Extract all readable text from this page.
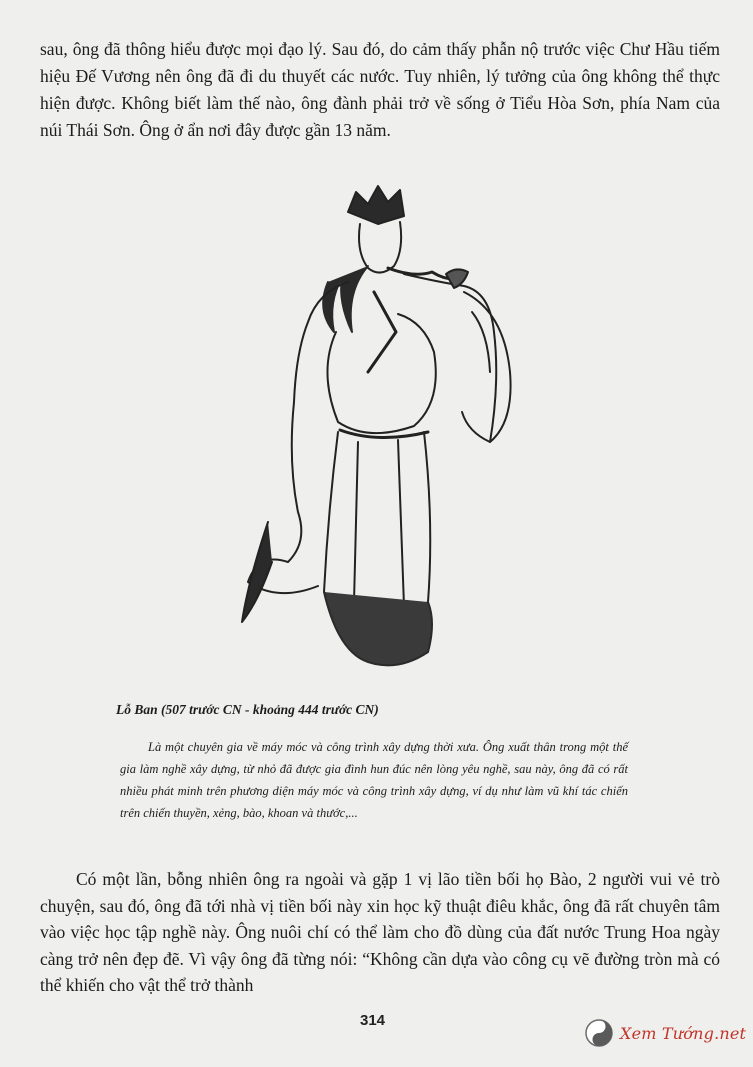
sau, ông đã thông hiểu được mọi đạo lý. Sau đó, do cảm thấy phẫn nộ trước việc Chư Hầu tiếm hiệu Đế Vương nên ông đã đi du thuyết các nước. Tuy nhiên, lý tưởng của ông không thể thực hiện được. Không biết làm thế nào, ông đành phải trở về sống ở Tiểu Hòa Sơn, phía Nam của núi Thái Sơn. Ông ở ẩn nơi đây được gần 13 năm.

Lỗ Ban (507 trước CN - khoảng 444 trước CN)

Là một chuyên gia về máy móc và công trình xây dựng thời xưa. Ông xuất thân trong một thế gia làm nghề xây dựng, từ nhỏ đã được gia đình hun đúc nên lòng yêu nghề, sau này, ông đã có rất nhiều phát minh trên phương diện máy móc và công trình xây dựng, ví dụ như làm vũ khí tác chiến trên chiến thuyền, xẻng, bào, khoan và thước,...

Có một lần, bỗng nhiên ông ra ngoài và gặp 1 vị lão tiền bối họ Bào, 2 người vui vẻ trò chuyện, sau đó, ông đã tới nhà vị tiền bối này xin học kỹ thuật điêu khắc, ông đã rất chuyên tâm vào việc học tập nghề này. Ông nuôi chí có thể làm cho đồ dùng của đất nước Trung Hoa ngày càng trở nên đẹp đẽ. Vì vậy ông đã từng nói: “Không cần dựa vào công cụ vẽ đường tròn mà có thể khiến cho vật thể trở thành

314
Xem Tướng.net
